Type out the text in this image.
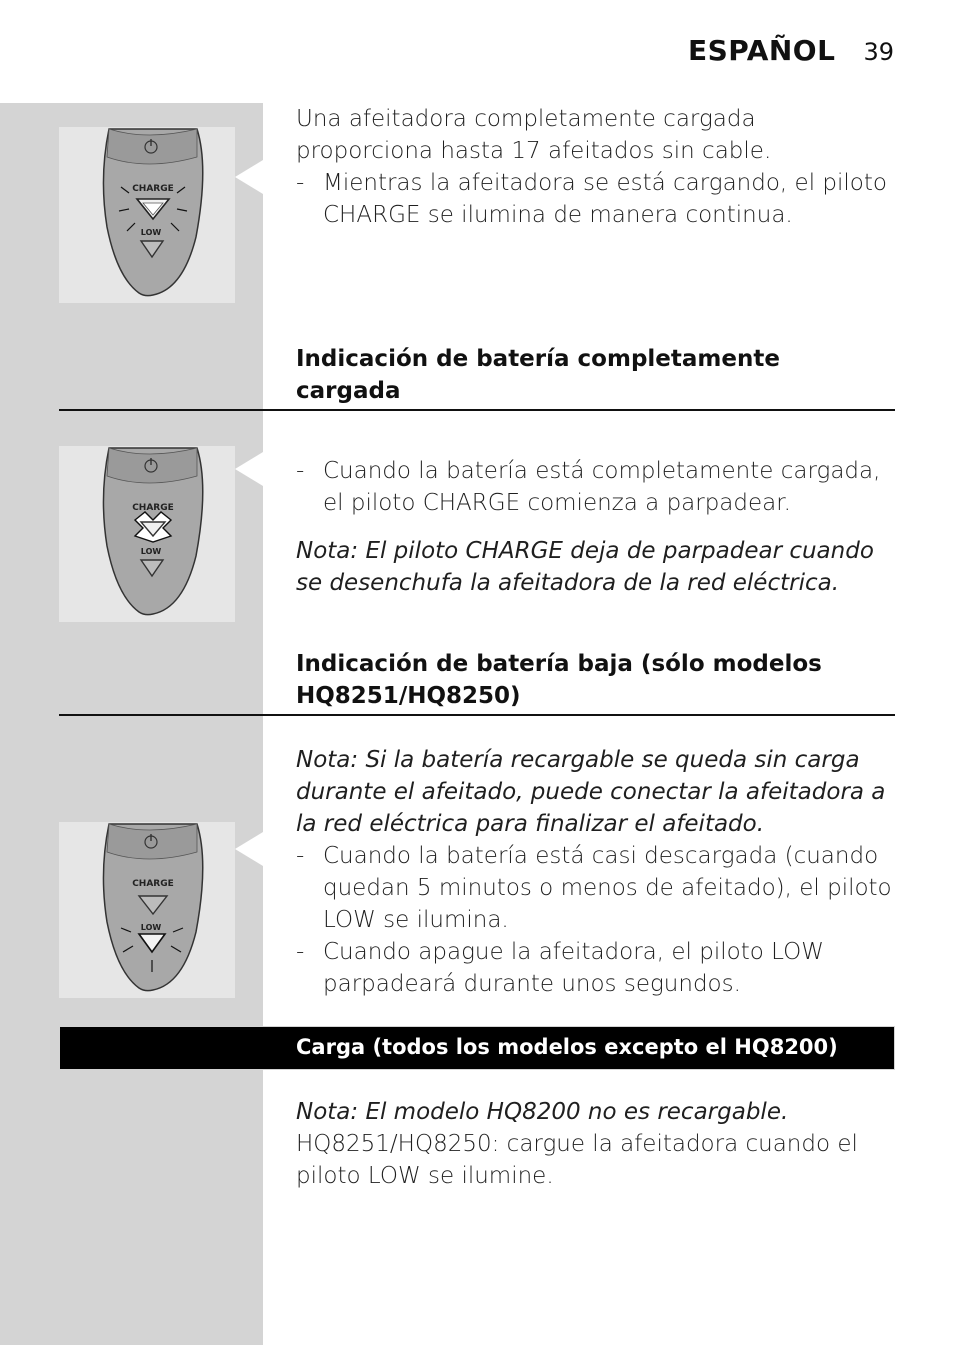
ESPAÑOL 39
CHARGE
LOW
CHARGE
LOW
CHARGE
LOW

Una afeitadora completamente cargada proporciona hasta 17 afeitados sin cable.

- Mientras la afeitadora se está cargando, el piloto CHARGE se ilumina de manera continua.
Indicación de batería completamente cargada
- Cuando la batería está completamente cargada, el piloto CHARGE comienza a parpadear.

Nota: El piloto CHARGE deja de parpadear cuando se desenchufa la afeitadora de la red eléctrica.

Indicación de batería baja (sólo modelos HQ8251/HQ8250)

Nota: Si la batería recargable se queda sin carga durante el afeitado, puede conectar la afeitadora a la red eléctrica para finalizar el afeitado.

- Cuando la batería está casi descargada (cuando quedan 5 minutos o menos de afeitado), el piloto LOW se ilumina.
- Cuando apague la afeitadora, el piloto LOW parpadeará durante unos segundos.
Carga (todos los modelos excepto el HQ8200)

Nota: El modelo HQ8200 no es recargable.

HQ8251/HQ8250: cargue la afeitadora cuando el piloto LOW se ilumine.
